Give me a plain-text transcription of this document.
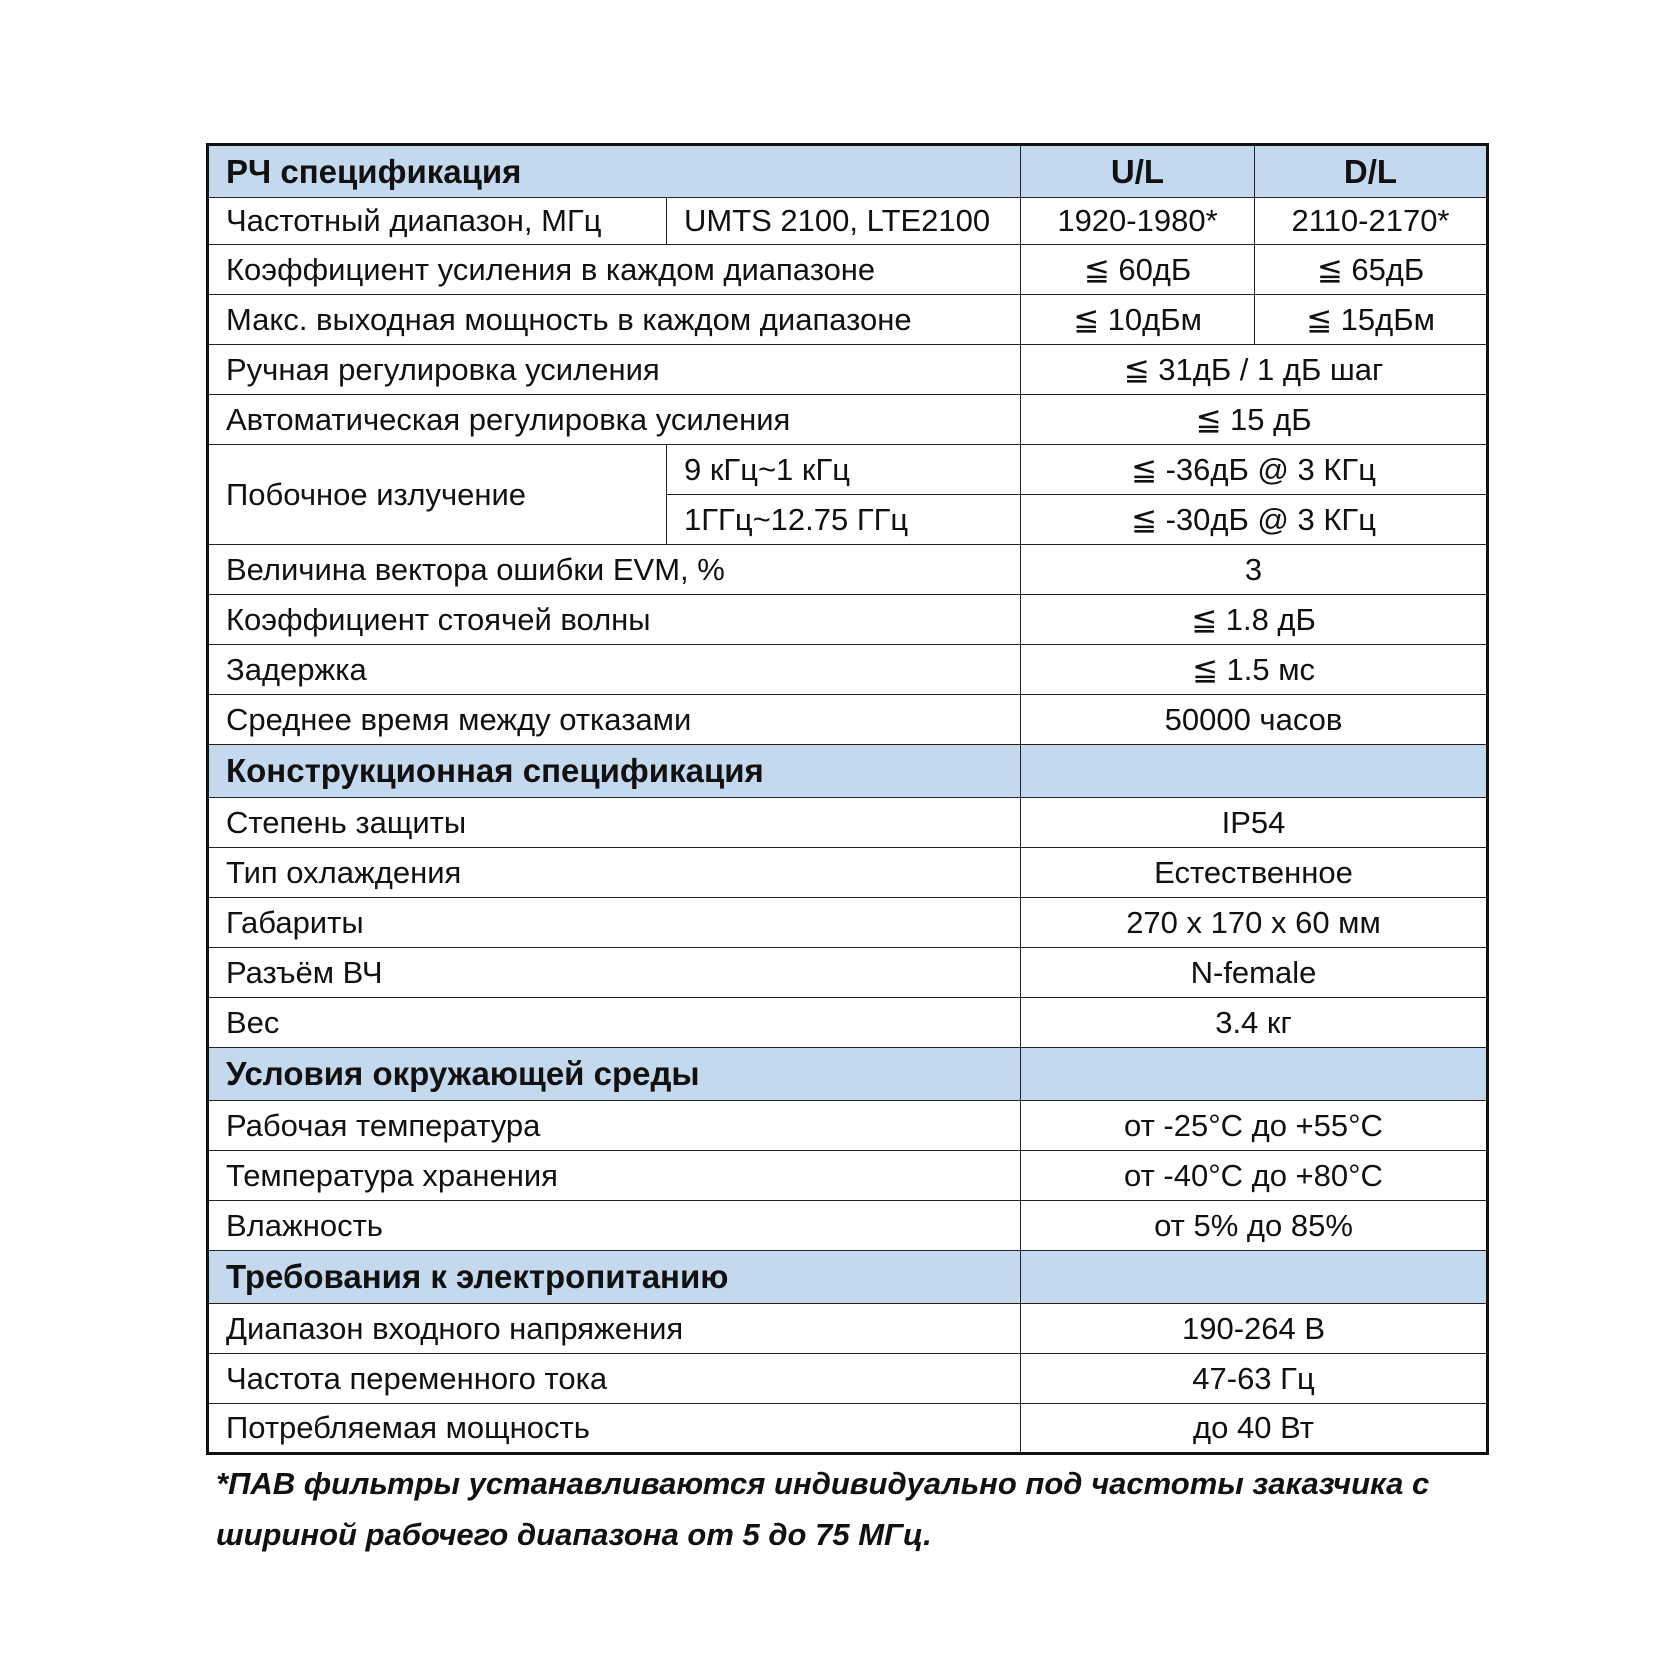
РЧ спецификация		U/L	D/L
Частотный диапазон, МГц	UMTS 2100, LTE2100	1920-1980*	2110-2170*
Коэффициент усиления в каждом диапазоне		≦ 60дБ	≦ 65дБ
Макс. выходная мощность в каждом диапазоне		≦ 10дБм	≦ 15дБм
Ручная регулировка усиления		≦ 31дБ / 1 дБ шаг	
Автоматическая регулировка усиления		≦ 15 дБ	
Побочное излучение	9 кГц~1 кГц	≦ -36дБ @ 3 КГц	
	1ГГц~12.75 ГГц	≦ -30дБ @ 3 КГц	
Величина вектора ошибки EVM, %		3	
Коэффициент стоячей волны		≦ 1.8 дБ	
Задержка		≦ 1.5 мс	
Среднее время между отказами		50000 часов	
Конструкционная спецификация			
Степень защиты		IP54	
Тип охлаждения		Естественное	
Габариты		270 х 170 х 60 мм	
Разъём ВЧ		N-female	
Вес		3.4 кг	
Условия окружающей среды			
Рабочая температура		от -25°С до +55°С	
Температура хранения		от -40°С до +80°С	
Влажность		от 5% до 85%	
Требования к электропитанию			
Диапазон входного напряжения		190-264 В	
Частота переменного тока		47-63 Гц	
Потребляемая мощность		до 40 Вт	
*ПАВ фильтры устанавливаются индивидуально под частоты заказчика с шириной рабочего диапазона от 5 до 75 МГц.
